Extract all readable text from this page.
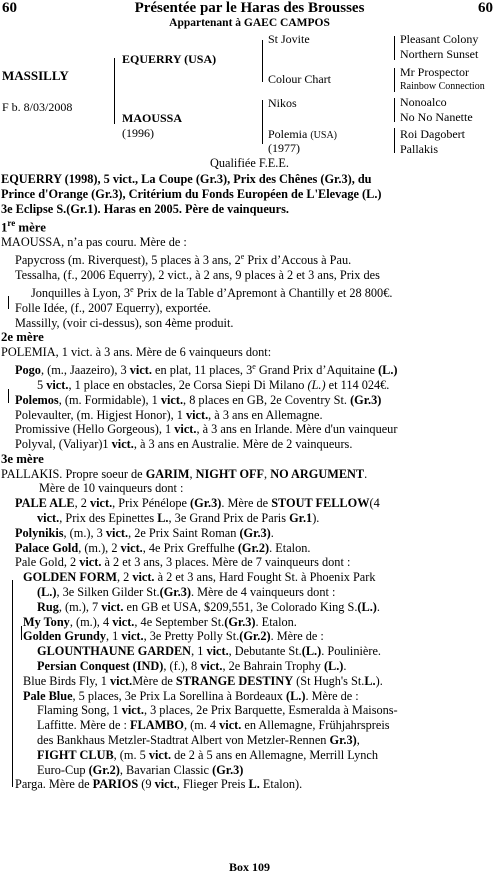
60	Présentée par le Haras des Brousses	60
Appartenant à GAEC CAMPOS
MASSILLY
F b. 8/03/2008
EQUERRY (USA)
MAOUSSA
(1996)
St Jovite
Colour Chart
Nikos
Polemia (USA)
(1977)
Pleasant Colony
Northern Sunset
Mr Prospector
Rainbow Connection
Nonoalco
No No Nanette
Roi Dagobert
Pallakis
Qualifiée F.E.E.
EQUERRY (1998), 5 vict., La Coupe (Gr.3), Prix des Chênes (Gr.3), du
Prince d'Orange (Gr.3), Critérium du Fonds Européen de L'Elevage (L.)
3e Eclipse S.(Gr.1). Haras en 2005. Père de vainqueurs.
1re mère
MAOUSSA, n’a pas couru. Mère de :
Papycross (m. Riverquest), 5 places à 3 ans, 2e Prix d’Accous à Pau.
Tessalha, (f., 2006 Equerry), 2 vict., à 2 ans, 9 places à 2 et 3 ans, Prix des
Jonquilles à Lyon, 3e Prix de la Table d’Apremont à Chantilly et 28 800€.
Folle Idée, (f., 2007 Equerry), exportée.
Massilly, (voir ci-dessus), son 4ème produit.
2e mère
POLEMIA, 1 vict. à 3 ans. Mère de 6 vainqueurs dont:
Pogo, (m., Jaazeiro), 3 vict. en plat, 11 places, 3e Grand Prix d’Aquitaine (L.)
5 vict., 1 place en obstacles, 2e Corsa Siepi Di Milano (L.) et 114 024€.
Polemos, (m. Formidable), 1 vict., 8 places en GB, 2e Coventry St. (Gr.3)
Polevaulter, (m. Higjest Honor), 1 vict., à 3 ans en Allemagne.
Promissive (Hello Gorgeous), 1 vict., à 3 ans en Irlande. Mère d'un vainqueur
Polyval, (Valiyar)1 vict., à 3 ans en Australie. Mère de 2 vainqueurs.
3e mère
PALLAKIS. Propre soeur de GARIM, NIGHT OFF, NO ARGUMENT.
Mère de 10 vainqueurs dont :
PALE ALE, 2 vict., Prix Pénélope (Gr.3). Mère de STOUT FELLOW(4
vict., Prix des Epinettes L., 3e Grand Prix de Paris Gr.1).
Polynikis, (m.), 3 vict., 2e Prix Saint Roman (Gr.3).
Palace Gold, (m.), 2 vict., 4e Prix Greffulhe (Gr.2). Etalon.
Pale Gold, 2 vict. à 2 et 3 ans, 3 places. Mère de 7 vainqueurs dont :
GOLDEN FORM, 2 vict. à 2 et 3 ans, Hard Fought St. à Phoenix Park
(L.), 3e Silken Gilder St.(Gr.3). Mère de 4 vainqueurs dont :
Rug, (m.), 7 vict. en GB et USA, $209,551, 3e Colorado King S.(L.).
My Tony, (m.), 4 vict., 4e September St.(Gr.3). Etalon.
Golden Grundy, 1 vict., 3e Pretty Polly St.(Gr.2). Mère de :
GLOUNTHAUNE GARDEN, 1 vict., Debutante St.(L.). Poulinière.
Persian Conquest (IND), (f.), 8 vict., 2e Bahrain Trophy (L.).
Blue Birds Fly, 1 vict.Mère de STRANGE DESTINY (St Hugh's St.L.).
Pale Blue, 5 places, 3e Prix La Sorellina à Bordeaux (L.). Mère de :
Flaming Song, 1 vict., 3 places, 2e Prix Barquette, Esmeralda à Maisons-
Laffitte. Mère de : FLAMBO, (m. 4 vict. en Allemagne, Frühjahrspreis
des Bankhaus Metzler-Stadtrat Albert von Metzler-Rennen Gr.3),
FIGHT CLUB, (m. 5 vict. de 2 à 5 ans en Allemagne, Merrill Lynch
Euro-Cup (Gr.2), Bavarian Classic (Gr.3)
Parga. Mère de PARIOS (9 vict., Flieger Preis L. Etalon).
Box 109
